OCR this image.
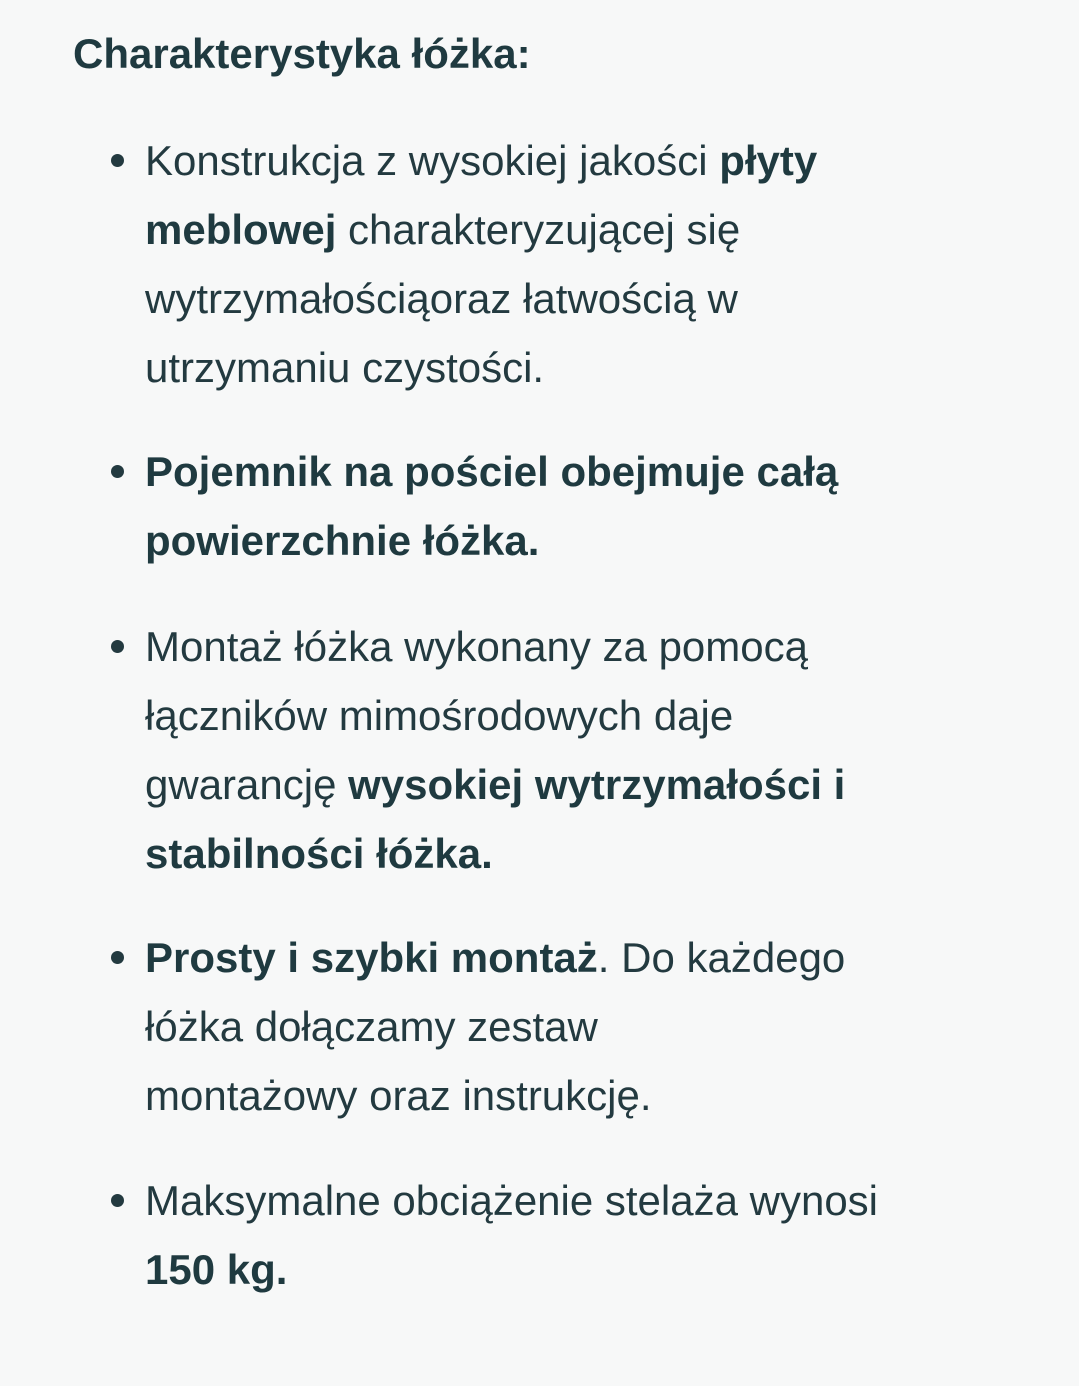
Charakterystyka łóżka:
Konstrukcja z wysokiej jakości płyty
meblowej charakteryzującej się
wytrzymałościąoraz łatwością w
utrzymaniu czystości.
Pojemnik na pościel obejmuje całą
powierzchnie łóżka.
Montaż łóżka wykonany za pomocą
łączników mimośrodowych daje
gwarancję wysokiej wytrzymałości i
stabilności łóżka.
Prosty i szybki montaż. Do każdego
łóżka dołączamy zestaw
montażowy oraz instrukcję.
Maksymalne obciążenie stelaża wynosi
150 kg.
